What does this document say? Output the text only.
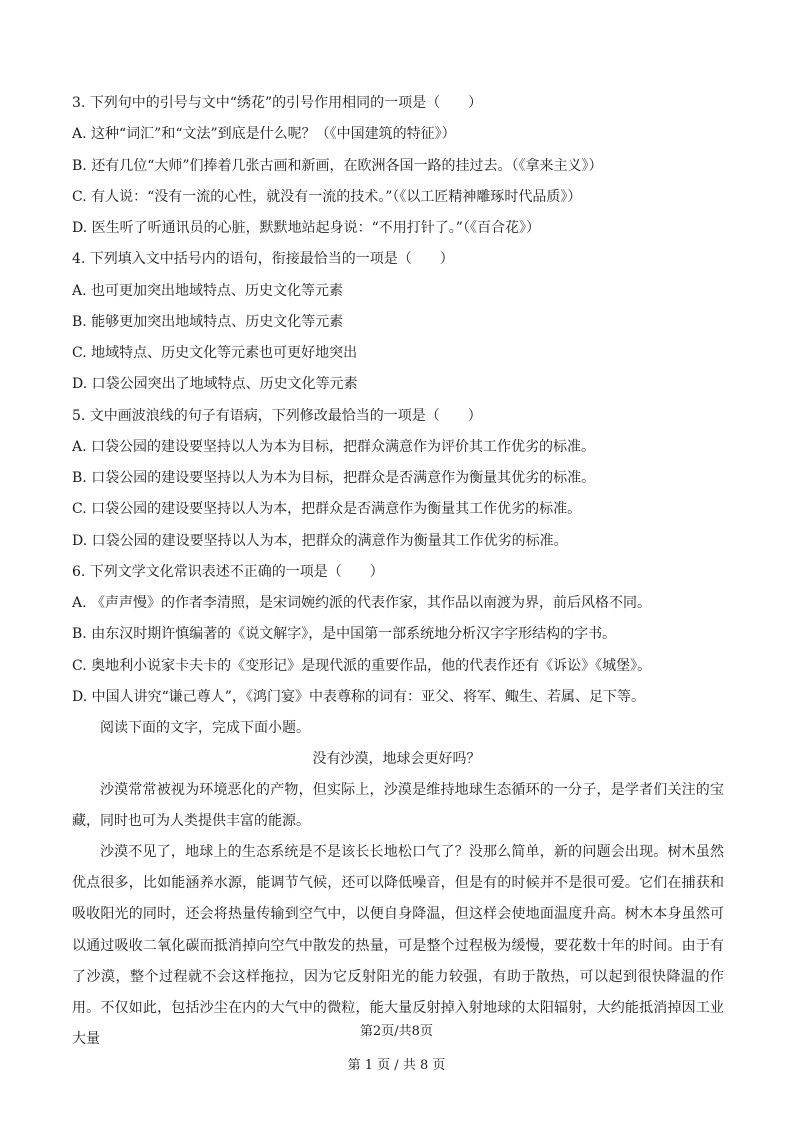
3. 下列句中的引号与文中“绣花”的引号作用相同的一项是（　　）
A. 这种“词汇”和“文法”到底是什么呢？（《中国建筑的特征》）
B. 还有几位“大师”们捧着几张古画和新画，在欧洲各国一路的挂过去。（《拿来主义》）
C. 有人说：“没有一流的心性，就没有一流的技术。”（《以工匠精神雕琢时代品质》）
D. 医生听了听通讯员的心脏，默默地站起身说：“不用打针了。”（《百合花》）
4. 下列填入文中括号内的语句，衔接最恰当的一项是（　　）
A. 也可更加突出地域特点、历史文化等元素
B. 能够更加突出地域特点、历史文化等元素
C. 地域特点、历史文化等元素也可更好地突出
D. 口袋公园突出了地域特点、历史文化等元素
5. 文中画波浪线的句子有语病，下列修改最恰当的一项是（　　）
A. 口袋公园的建设要坚持以人为本为目标，把群众满意作为评价其工作优劣的标准。
B. 口袋公园的建设要坚持以人为本为目标，把群众是否满意作为衡量其优劣的标准。
C. 口袋公园的建设要坚持以人为本，把群众是否满意作为衡量其工作优劣的标准。
D. 口袋公园的建设要坚持以人为本，把群众的满意作为衡量其工作优劣的标准。
6. 下列文学文化常识表述不正确的一项是（　　）
A. 《声声慢》的作者李清照，是宋词婉约派的代表作家，其作品以南渡为界，前后风格不同。
B. 由东汉时期许慎编著的《说文解字》，是中国第一部系统地分析汉字字形结构的字书。
C. 奥地利小说家卡夫卡的《变形记》是现代派的重要作品，他的代表作还有《诉讼》《城堡》。
D. 中国人讲究“谦己尊人”，《鸿门宴》中表尊称的词有：亚父、将军、鲰生、若属、足下等。
阅读下面的文字，完成下面小题。
没有沙漠，地球会更好吗？
沙漠常常被视为环境恶化的产物，但实际上，沙漠是维持地球生态循环的一分子，是学者们关注的宝藏，同时也可为人类提供丰富的能源。
沙漠不见了，地球上的生态系统是不是该长长地松口气了？没那么简单，新的问题会出现。树木虽然优点很多，比如能涵养水源，能调节气候，还可以降低噪音，但是有的时候并不是很可爱。它们在捕获和吸收阳光的同时，还会将热量传输到空气中，以便自身降温，但这样会使地面温度升高。树木本身虽然可以通过吸收二氧化碳而抵消掉向空气中散发的热量，可是整个过程极为缓慢，要花数十年的时间。由于有了沙漠，整个过程就不会这样拖拉，因为它反射阳光的能力较强，有助于散热，可以起到很快降温的作用。不仅如此，包括沙尘在内的大气中的微粒，能大量反射掉入射地球的太阳辐射，大约能抵消掉因工业大量	第2页/共8页
第 1 页 / 共 8 页
